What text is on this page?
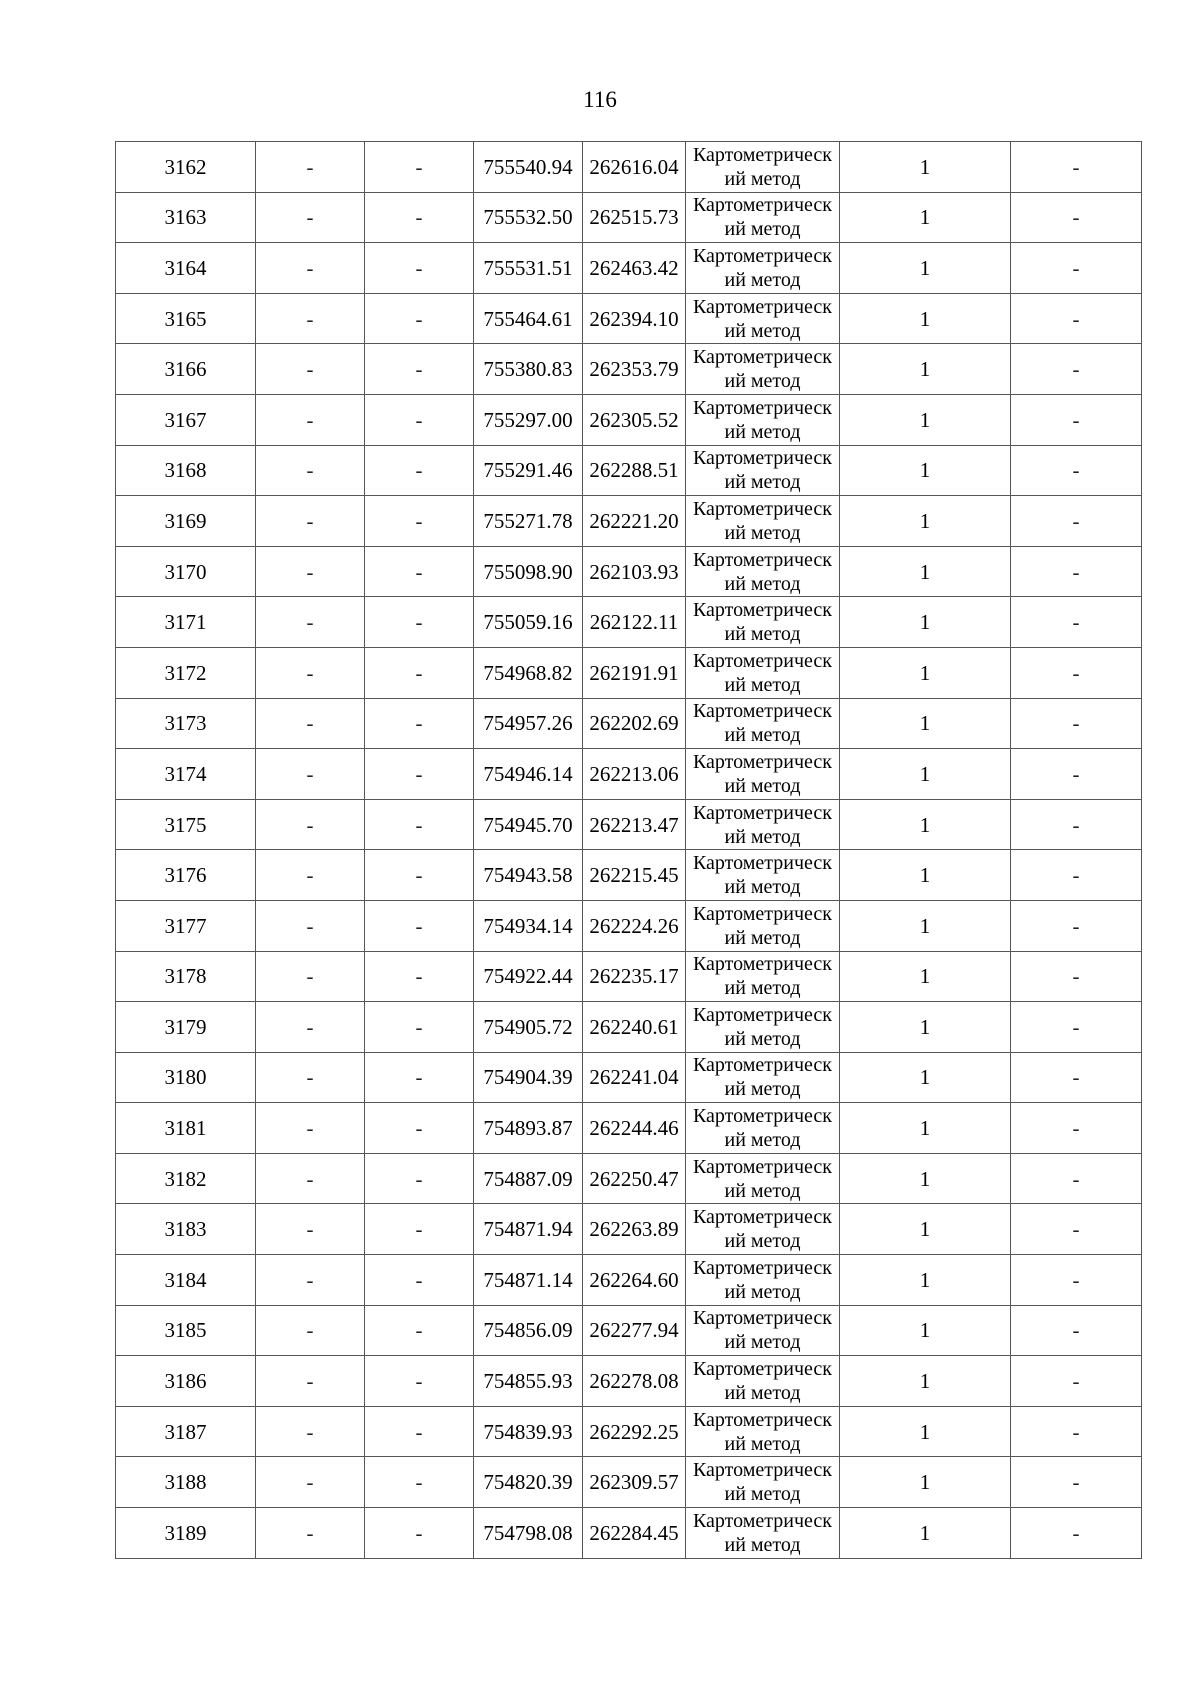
116
3162	-	-	755540.94	262616.04	Картометрический метод	1	-
3163	-	-	755532.50	262515.73	Картометрический метод	1	-
3164	-	-	755531.51	262463.42	Картометрический метод	1	-
3165	-	-	755464.61	262394.10	Картометрический метод	1	-
3166	-	-	755380.83	262353.79	Картометрический метод	1	-
3167	-	-	755297.00	262305.52	Картометрический метод	1	-
3168	-	-	755291.46	262288.51	Картометрический метод	1	-
3169	-	-	755271.78	262221.20	Картометрический метод	1	-
3170	-	-	755098.90	262103.93	Картометрический метод	1	-
3171	-	-	755059.16	262122.11	Картометрический метод	1	-
3172	-	-	754968.82	262191.91	Картометрический метод	1	-
3173	-	-	754957.26	262202.69	Картометрический метод	1	-
3174	-	-	754946.14	262213.06	Картометрический метод	1	-
3175	-	-	754945.70	262213.47	Картометрический метод	1	-
3176	-	-	754943.58	262215.45	Картометрический метод	1	-
3177	-	-	754934.14	262224.26	Картометрический метод	1	-
3178	-	-	754922.44	262235.17	Картометрический метод	1	-
3179	-	-	754905.72	262240.61	Картометрический метод	1	-
3180	-	-	754904.39	262241.04	Картометрический метод	1	-
3181	-	-	754893.87	262244.46	Картометрический метод	1	-
3182	-	-	754887.09	262250.47	Картометрический метод	1	-
3183	-	-	754871.94	262263.89	Картометрический метод	1	-
3184	-	-	754871.14	262264.60	Картометрический метод	1	-
3185	-	-	754856.09	262277.94	Картометрический метод	1	-
3186	-	-	754855.93	262278.08	Картометрический метод	1	-
3187	-	-	754839.93	262292.25	Картометрический метод	1	-
3188	-	-	754820.39	262309.57	Картометрический метод	1	-
3189	-	-	754798.08	262284.45	Картометрический метод	1	-
